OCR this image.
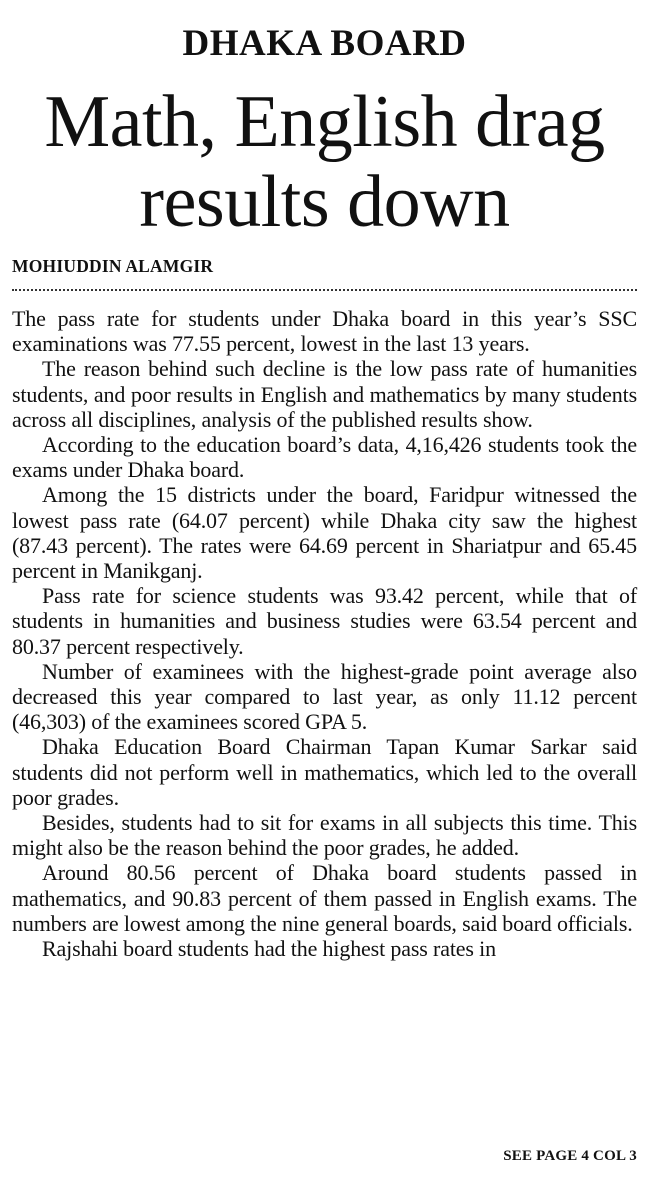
DHAKA BOARD
Math, English drag results down
MOHIUDDIN ALAMGIR

The pass rate for students under Dhaka board in this year’s SSC examinations was 77.55 percent, lowest in the last 13 years.

The reason behind such decline is the low pass rate of humanities students, and poor results in English and mathematics by many students across all disciplines, analysis of the published results show.

According to the education board’s data, 4,16,426 students took the exams under Dhaka board.

Among the 15 districts under the board, Faridpur witnessed the lowest pass rate (64.07 percent) while Dhaka city saw the highest (87.43 percent). The rates were 64.69 percent in Shariatpur and 65.45 percent in Manikganj.

Pass rate for science students was 93.42 percent, while that of students in humanities and business studies were 63.54 percent and 80.37 percent respectively.

Number of examinees with the highest-grade point average also decreased this year compared to last year, as only 11.12 percent (46,303) of the examinees scored GPA 5.

Dhaka Education Board Chairman Tapan Kumar Sarkar said students did not perform well in mathematics, which led to the overall poor grades.

Besides, students had to sit for exams in all subjects this time. This might also be the reason behind the poor grades, he added.

Around 80.56 percent of Dhaka board students passed in mathematics, and 90.83 percent of them passed in English exams. The numbers are lowest among the nine general boards, said board officials.

Rajshahi board students had the highest pass rates in

SEE PAGE 4 COL 3
